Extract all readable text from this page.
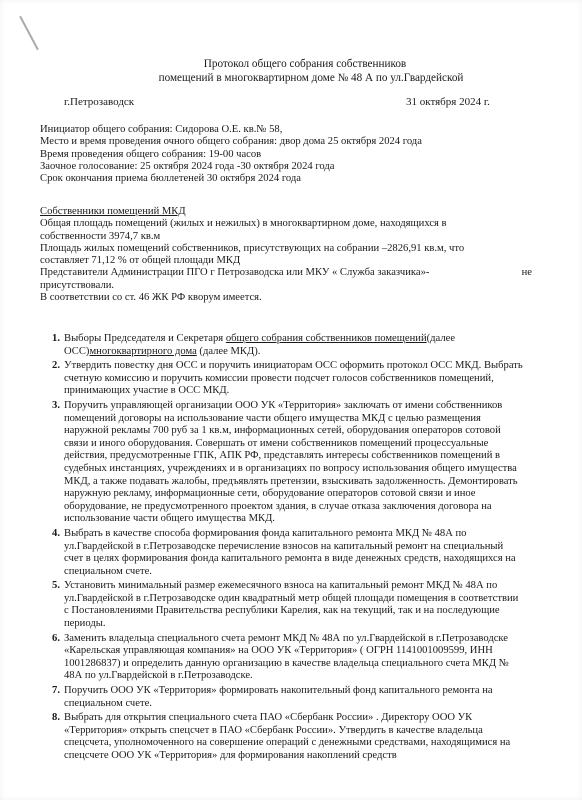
Протокол общего собрания собственников
помещений в многоквартирном доме № 48 А по ул.Гвардейской
г.Петрозаводск	31 октября 2024 г.
Инициатор общего собрания: Сидорова О.Е. кв.№ 58,
Место и время проведения очного общего собрания: двор дома 25 октября 2024 года
Время проведения общего собрания: 19-00 часов
Заочное голосование: 25 октября 2024 года -30 октября 2024 года
Срок окончания приема бюллетеней 30 октября 2024 года
Собственники помещений МКД
Общая площадь помещений (жилых и нежилых) в многоквартирном доме, находящихся в
собственности 3974,7 кв.м
Площадь жилых помещений собственников, присутствующих на собрании –2826,91 кв.м, что
составляет 71,12 % от общей площади МКД
Представители Администрации ПГО г Петрозаводска или МКУ « Служба заказчика»-	не
присутствовали.
В соответствии со ст. 46 ЖК РФ кворум имеется.
1. Выборы Председателя и Секретаря общего собрания собственников помещений(далее ОСС)многоквартирного дома (далее МКД).
2. Утвердить повестку дня ОСС и поручить инициаторам ОСС оформить протокол ОСС МКД. Выбрать счетную комиссию и поручить комиссии провести подсчет голосов собственников помещений, принимающих участие в ОСС МКД.
3. Поручить управляющей организации ООО УК «Территория» заключать от имени собственников помещений договоры на использование части общего имущества МКД с целью размещения наружной рекламы 700 руб за 1 кв.м, информационных сетей, оборудования операторов сотовой связи и иного оборудования. Совершать от имени собственников помещений процессуальные действия, предусмотренные ГПК, АПК РФ, представлять интересы собственников помещений в судебных инстанциях, учреждениях и в организациях по вопросу использования общего имущества МКД, а также подавать жалобы, предъявлять претензии, взыскивать задолженность. Демонтировать наружную рекламу, информационные сети, оборудование операторов сотовой связи и иное оборудование, не предусмотренного проектом здания, в случае отказа заключения договора на использование части общего имущества МКД.
4. Выбрать в качестве способа формирования фонда капитального ремонта МКД № 48А по ул.Гвардейской в г.Петрозаводске перечисление взносов на капитальный ремонт на специальный счет в целях формирования фонда капитального ремонта в виде денежных средств, находящихся на специальном счете.
5. Установить минимальный размер ежемесячного взноса на капитальный ремонт МКД № 48А по ул.Гвардейской в г.Петрозаводске один квадратный метр общей площади помещения в соответствии с Постановлениями Правительства республики Карелия, как на текущий, так и на последующие периоды.
6. Заменить владельца специального счета ремонт МКД № 48А по ул.Гвардейской в г.Петрозаводске «Карельская управляющая компания» на ООО УК «Территория» ( ОГРН 1141001009599, ИНН 1001286837) и определить данную организацию в качестве владельца специального счета МКД № 48А по ул.Гвардейской в г.Петрозаводске.
7. Поручить ООО УК «Территория» формировать накопительный фонд капитального ремонта на специальном счете.
8. Выбрать для открытия специального счета ПАО «Сбербанк России» . Директору ООО УК «Территория» открыть спецсчет в ПАО «Сбербанк России». Утвердить в качестве владельца спецсчета, уполномоченного на совершение операций с денежными средствами, находящимися на спецсчете ООО УК «Территория» для формирования накоплений средств
